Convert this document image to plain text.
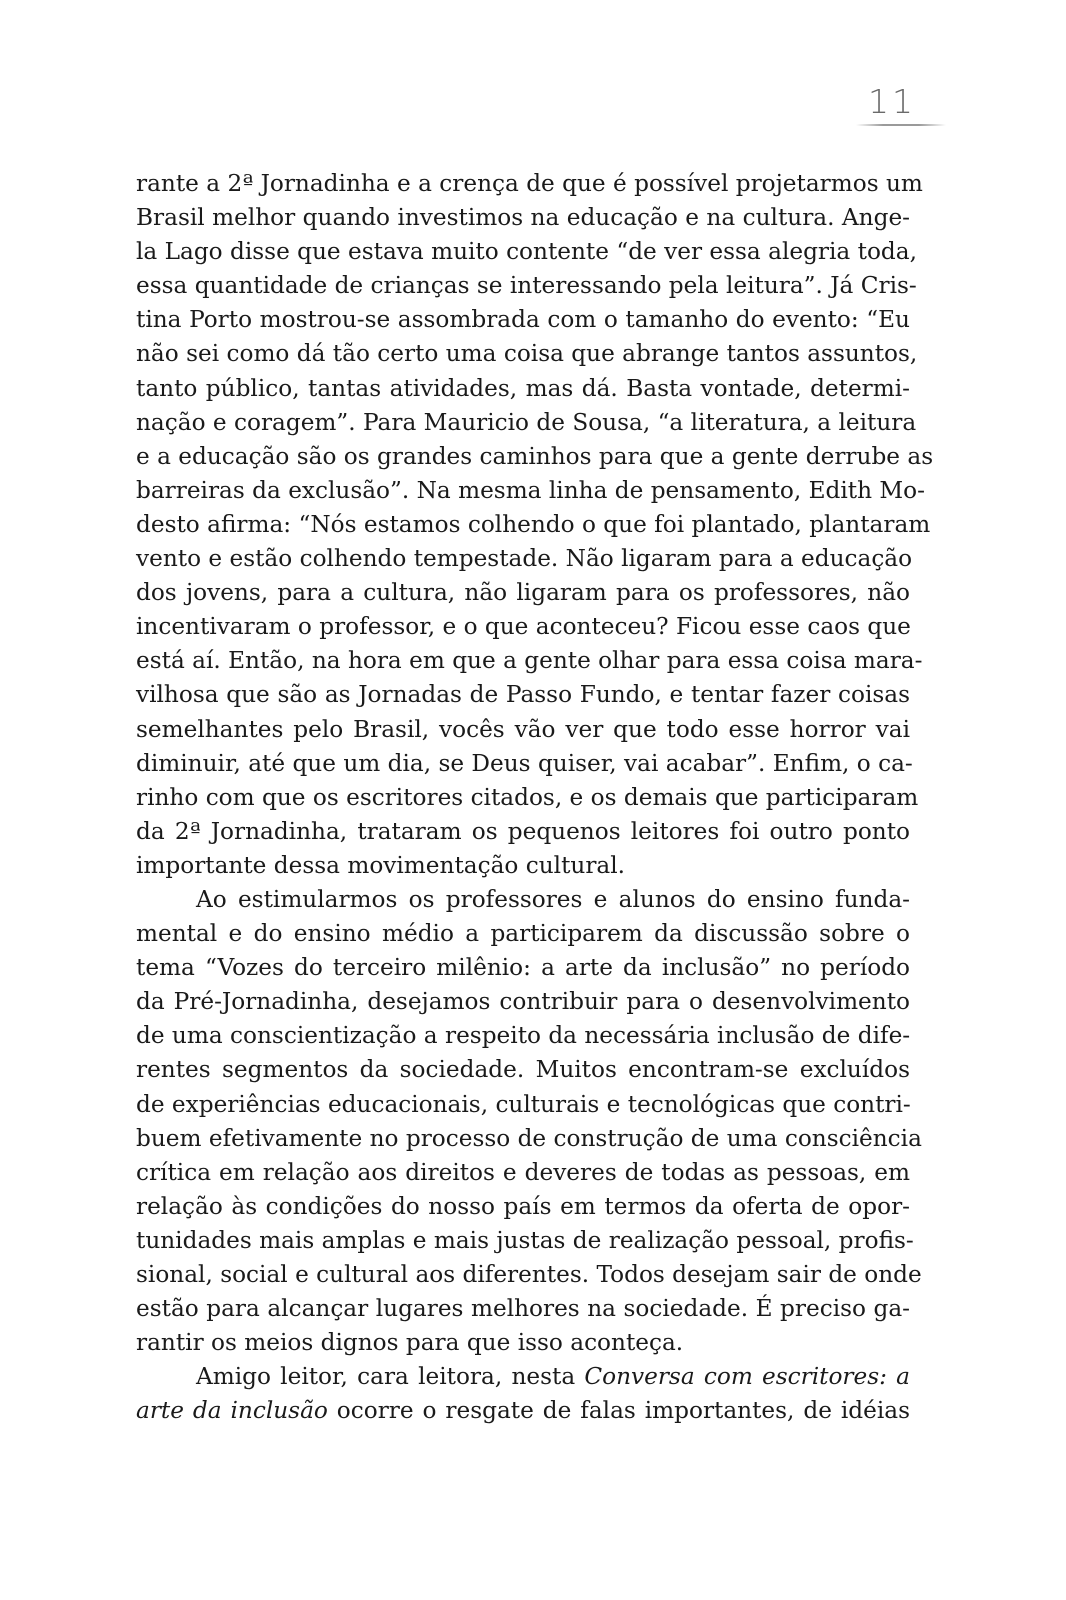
11
rante a 2ª Jornadinha e a crença de que é possível projetarmos um
Brasil melhor quando investimos na educação e na cultura. Ange-
la Lago disse que estava muito contente “de ver essa alegria toda,
essa quantidade de crianças se interessando pela leitura”. Já Cris-
tina Porto mostrou-se assombrada com o tamanho do evento: “Eu
não sei como dá tão certo uma coisa que abrange tantos assuntos,
tanto público, tantas atividades, mas dá. Basta vontade, determi-
nação e coragem”. Para Mauricio de Sousa, “a literatura, a leitura
e a educação são os grandes caminhos para que a gente derrube as
barreiras da exclusão”. Na mesma linha de pensamento, Edith Mo-
desto afirma: “Nós estamos colhendo o que foi plantado, plantaram
vento e estão colhendo tempestade. Não ligaram para a educação
dos jovens, para a cultura, não ligaram para os professores, não
incentivaram o professor, e o que aconteceu? Ficou esse caos que
está aí. Então, na hora em que a gente olhar para essa coisa mara-
vilhosa que são as Jornadas de Passo Fundo, e tentar fazer coisas
semelhantes pelo Brasil, vocês vão ver que todo esse horror vai
diminuir, até que um dia, se Deus quiser, vai acabar”. Enfim, o ca-
rinho com que os escritores citados, e os demais que participaram
da 2ª Jornadinha, trataram os pequenos leitores foi outro ponto
importante dessa movimentação cultural.
Ao estimularmos os professores e alunos do ensino funda-
mental e do ensino médio a participarem da discussão sobre o
tema “Vozes do terceiro milênio: a arte da inclusão” no período
da Pré-Jornadinha, desejamos contribuir para o desenvolvimento
de uma conscientização a respeito da necessária inclusão de dife-
rentes segmentos da sociedade. Muitos encontram-se excluídos
de experiências educacionais, culturais e tecnológicas que contri-
buem efetivamente no processo de construção de uma consciência
crítica em relação aos direitos e deveres de todas as pessoas, em
relação às condições do nosso país em termos da oferta de opor-
tunidades mais amplas e mais justas de realização pessoal, profis-
sional, social e cultural aos diferentes. Todos desejam sair de onde
estão para alcançar lugares melhores na sociedade. É preciso ga-
rantir os meios dignos para que isso aconteça.
Amigo leitor, cara leitora, nesta Conversa com escritores: a
arte da inclusão ocorre o resgate de falas importantes, de idéias
